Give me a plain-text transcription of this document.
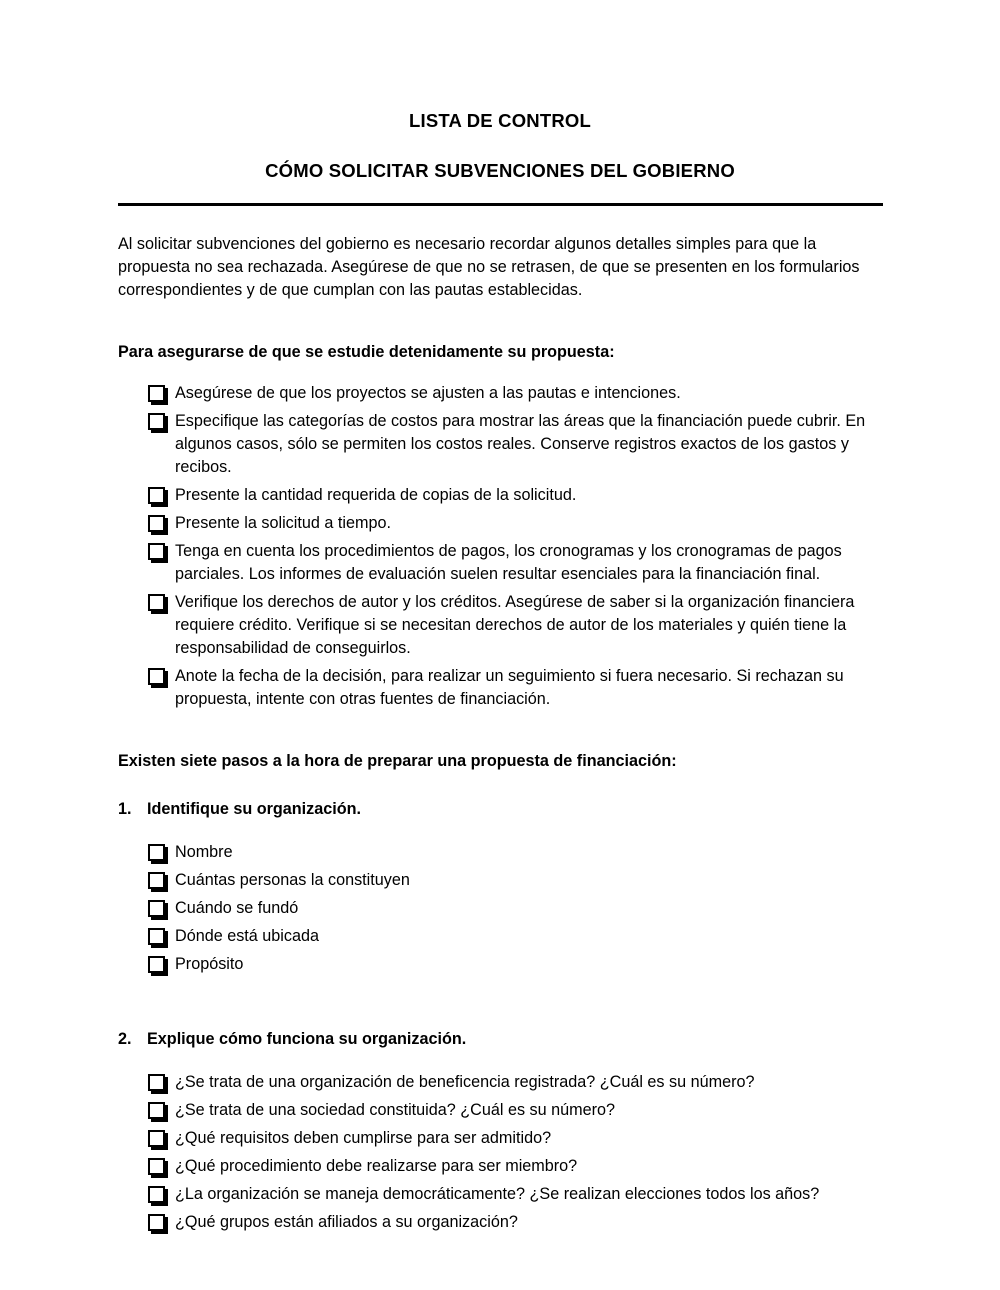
LISTA DE CONTROL
CÓMO SOLICITAR SUBVENCIONES DEL GOBIERNO

Al solicitar subvenciones del gobierno es necesario recordar algunos detalles simples para que la propuesta no sea rechazada. Asegúrese de que no se retrasen, de que se presenten en los formularios correspondientes y de que cumplan con las pautas establecidas.

Para asegurarse de que se estudie detenidamente su propuesta:
Asegúrese de que los proyectos se ajusten a las pautas e intenciones.
Especifique las categorías de costos para mostrar las áreas que la financiación puede cubrir. En algunos casos, sólo se permiten los costos reales. Conserve registros exactos de los gastos y recibos.
Presente la cantidad requerida de copias de la solicitud.
Presente la solicitud a tiempo.
Tenga en cuenta los procedimientos de pagos, los cronogramas y los cronogramas de pagos parciales. Los informes de evaluación suelen resultar esenciales para la financiación final.
Verifique los derechos de autor y los créditos. Asegúrese de saber si la organización financiera requiere crédito. Verifique si se necesitan derechos de autor de los materiales y quién tiene la responsabilidad de conseguirlos.
Anote la fecha de la decisión, para realizar un seguimiento si fuera necesario. Si rechazan su propuesta, intente con otras fuentes de financiación.
Existen siete pasos a la hora de preparar una propuesta de financiación:
1. Identifique su organización.
Nombre
Cuántas personas la constituyen
Cuándo se fundó
Dónde está ubicada
Propósito
2. Explique cómo funciona su organización.
¿Se trata de una organización de beneficencia registrada? ¿Cuál es su número?
¿Se trata de una sociedad constituida? ¿Cuál es su número?
¿Qué requisitos deben cumplirse para ser admitido?
¿Qué procedimiento debe realizarse para ser miembro?
¿La organización se maneja democráticamente? ¿Se realizan elecciones todos los años?
¿Qué grupos están afiliados a su organización?
